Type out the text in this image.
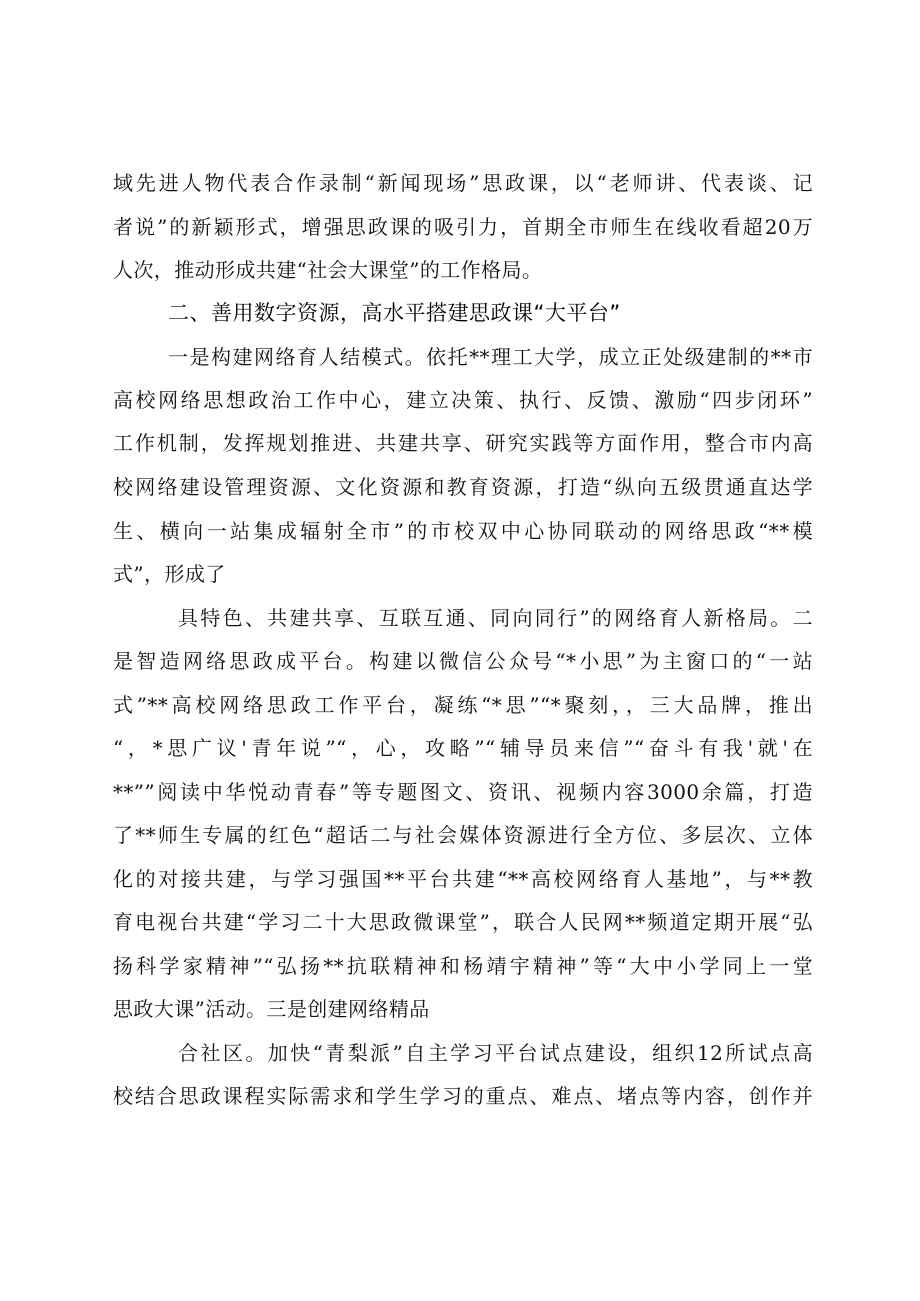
域先进人物代表合作录制“新闻现场”思政课，以“老师讲、代表谈、记
者说”的新颖形式，增强思政课的吸引力，首期全市师生在线收看超20万
人次，推动形成共建“社会大课堂”的工作格局。
二、善用数字资源，高水平搭建思政课“大平台”
一是构建网络育人结模式。依托**理工大学，成立正处级建制的**市
高校网络思想政治工作中心，建立决策、执行、反馈、激励“四步闭环”
工作机制，发挥规划推进、共建共享、研究实践等方面作用，整合市内高
校网络建设管理资源、文化资源和教育资源，打造“纵向五级贯通直达学
生、横向一站集成辐射全市”的市校双中心协同联动的网络思政“**模
式”，形成了
具特色、共建共享、互联互通、同向同行”的网络育人新格局。二
是智造网络思政成平台。构建以微信公众号“*小思”为主窗口的“一站
式”**高校网络思政工作平台，凝练“*思”“*聚刻，，三大品牌，推出
“，*思广议'青年说”“，心，攻略”“辅导员来信”“奋斗有我'就'在
**””阅读中华悦动青春”等专题图文、资讯、视频内容3000余篇，打造
了**师生专属的红色“超话二与社会媒体资源进行全方位、多层次、立体
化的对接共建，与学习强国**平台共建“**高校网络育人基地”，与**教
育电视台共建“学习二十大思政微课堂”，联合人民网**频道定期开展“弘
扬科学家精神”“弘扬**抗联精神和杨靖宇精神”等“大中小学同上一堂
思政大课”活动。三是创建网络精品
合社区。加快“青梨派”自主学习平台试点建设，组织12所试点高
校结合思政课程实际需求和学生学习的重点、难点、堵点等内容，创作并
